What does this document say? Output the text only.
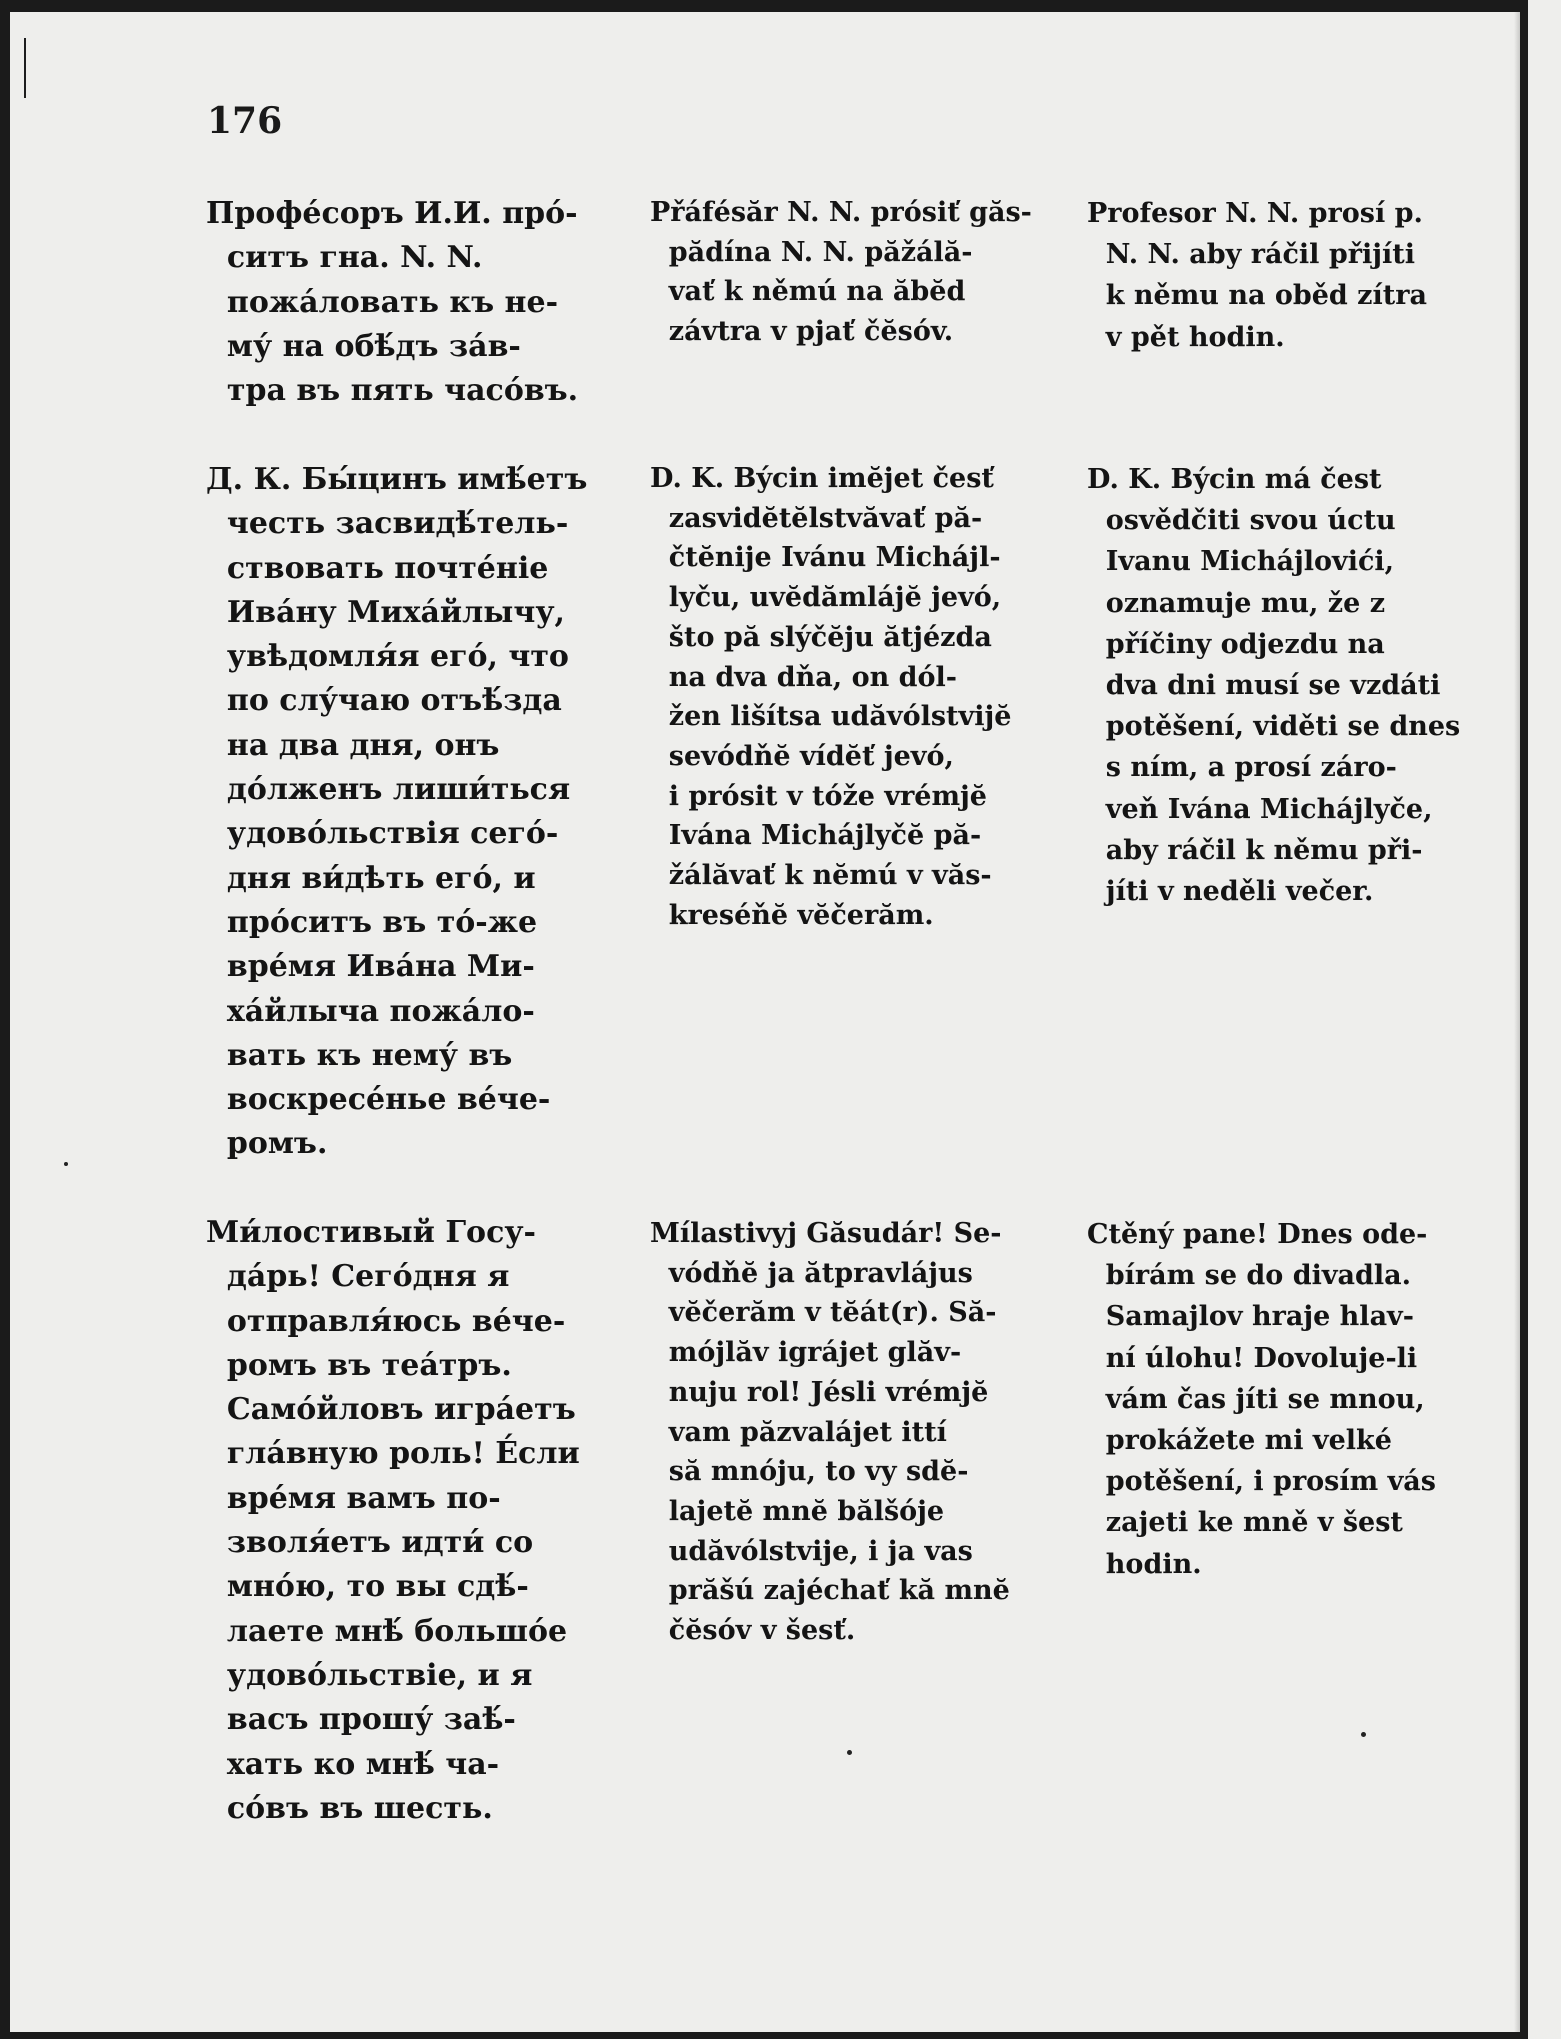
176

Профе́соръ И.И. про́-
ситъ гна. N. N.
пожа́ловать къ не-
му́ на обѣ́дъ за́в-
тра въ пять часо́въ.

Přáfésăr N. N. prósiť găs-
pădína N. N. păžálă-
vať k němú na ăbĕd
závtra v pjať čĕsóv.

Profesor N. N. prosí p.
N. N. aby ráčil přijíti
k němu na oběd zítra
v pět hodin.

Д. К. Бы́цинъ имѣ́етъ
честь засвидѣ́тель-
ствовать почте́ніе
Ива́ну Миха́йлычу,
увѣдомля́я его́, что
по слу́чаю отъѣ́зда
на два дня, онъ
до́лженъ лиши́ться
удово́льствія сего́-
дня ви́дѣть его́, и
про́ситъ въ то́-же
вре́мя Ива́на Ми-
ха́йлыча пожа́ло-
вать къ нему́ въ
воскресе́нье ве́че-
ромъ.

D. K. Býcin imĕjet česť
zasvidĕtĕlstvăvať pă-
čtĕnije Ivánu Michájl-
lyču, uvĕdămlájĕ jevó,
što pă slýčĕju ătjézda
na dva dňa, on dól-
žen lišítsa udăvólstvijĕ
sevódňĕ vídĕť jevó,
i prósit v tóže vrémjĕ
Ivána Michájlyčĕ pă-
žálăvať k nĕmú v văs-
kreséňĕ vĕčerăm.

D. K. Býcin má čest
osvědčiti svou úctu
Ivanu Michájlovići,
oznamuje mu, že z
příčiny odjezdu na
dva dni musí se vzdáti
potěšení, viděti se dnes
s ním, a prosí záro-
veň Ivána Michájlyče,
aby ráčil k němu při-
jíti v neděli večer.

Ми́лостивый Госу-
да́рь! Сего́дня я
отправля́юсь ве́че-
ромъ въ теа́тръ.
Само́йловъ игра́етъ
гла́вную роль! Е́сли
вре́мя вамъ по-
зволя́етъ идти́ со
мно́ю, то вы сдѣ́-
лаете мнѣ́ большо́е
удово́льствіе, и я
васъ прошу́ заѣ́-
хать ко мнѣ́ ча-
со́въ въ шесть.

Mílastivyj Găsudár! Se-
vódňĕ ja ătpravlájus
vĕčerăm v tĕát(r). Să-
mójlăv igrájet glăv-
nuju rol! Jésli vrémjĕ
vam păzvalájet ittí
să mnóju, to vy sdĕ-
lajetĕ mnĕ bălšóje
udăvólstvije, i ja vas
prăšú zajéchať kă mnĕ
čĕsóv v šesť.

Ctěný pane! Dnes ode-
bírám se do divadla.
Samajlov hraje hlav-
ní úlohu! Dovoluje-li
vám čas jíti se mnou,
prokážete mi velké
potěšení, i prosím vás
zajeti ke mně v šest
hodin.
